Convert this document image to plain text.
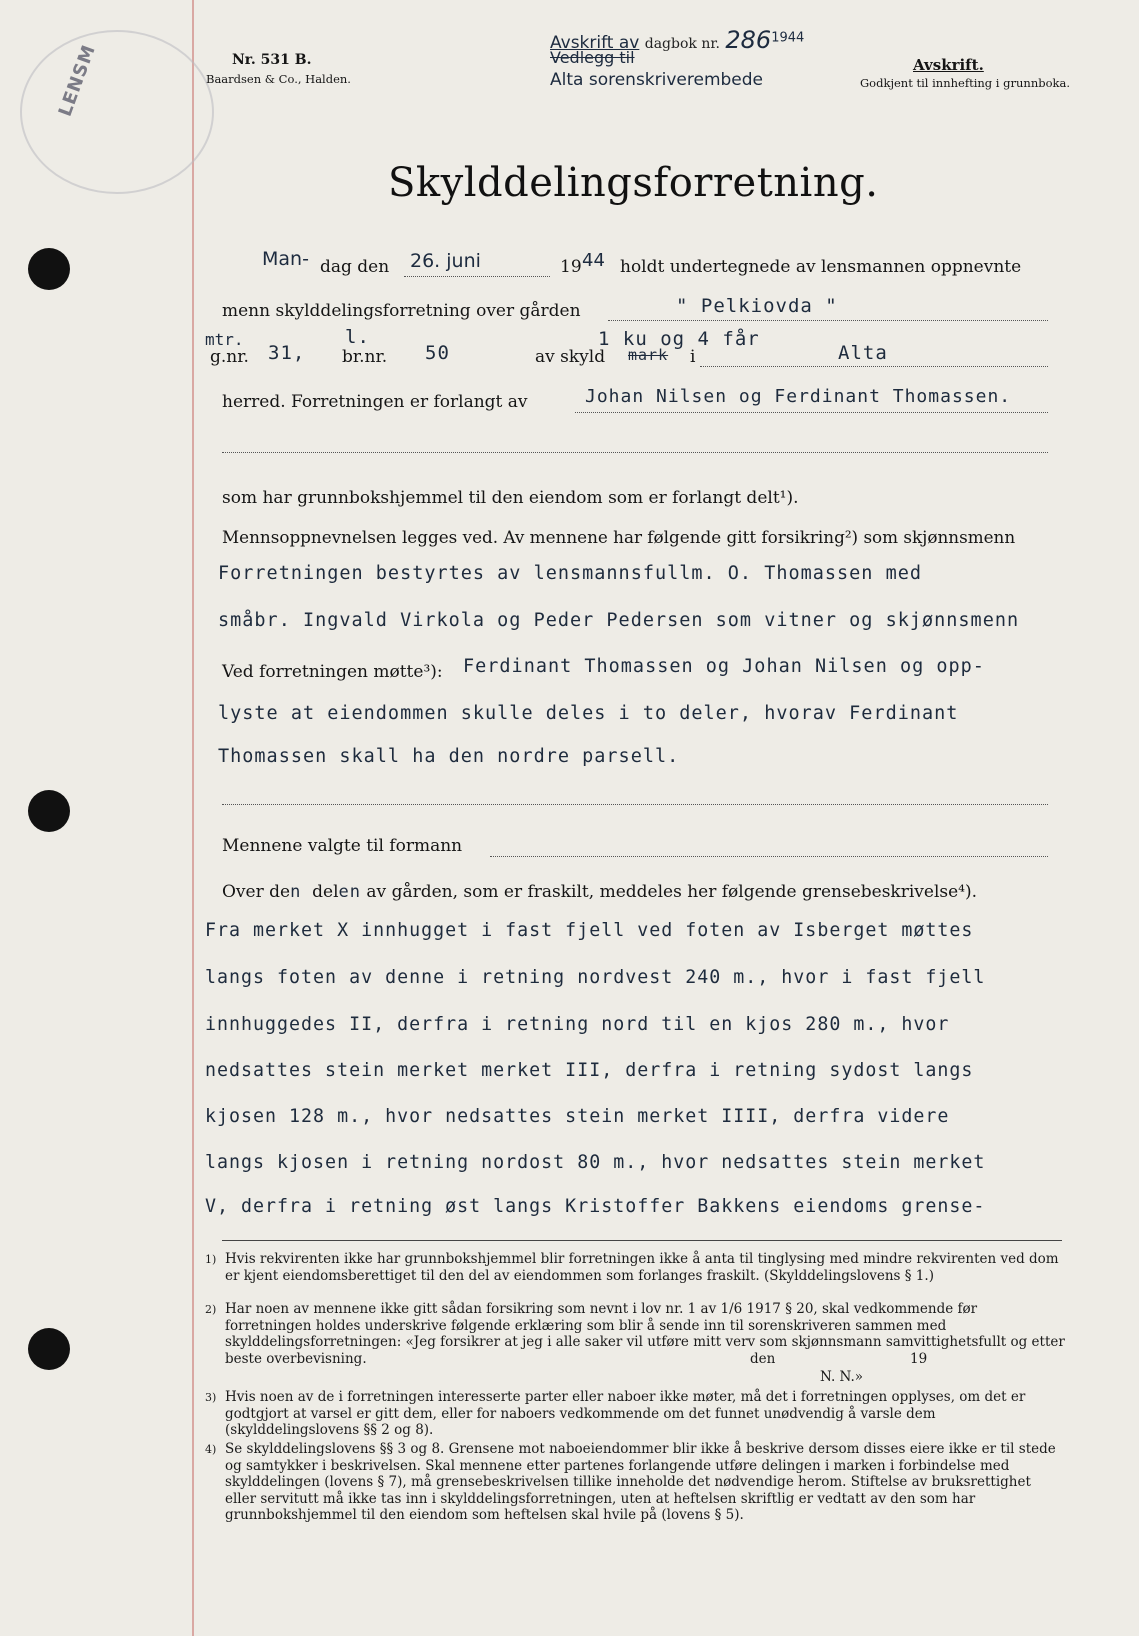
LENSM	Nr. 531 B.
Baardsen & Co., Halden.
Avskrift av dagbok nr. $286^{1944}$
Vedlegg til
Alta sorenskriverembede
Avskrift.
Godkjent til innhefting i grunnboka.
Skylddelingsforretning.
Man- dag den 26. juni	19 44 holdt undertegnede av lensmannen oppnevnte
menn skylddelingsforretning over gården	" Pelkiovda "
mtr.
g.nr. 31,
l.
br.nr. 50	av skyld
1 ku og 4 får
mark i	Alta
herred. Forretningen er forlangt av	Johan Nilsen og Ferdinant Thomassen.
som har grunnbokshjemmel til den eiendom som er forlangt delt¹).
Mennsoppnevnelsen legges ved. Av mennene har følgende gitt forsikring²) som skjønnsmenn
Forretningen bestyrtes av lensmannsfullm. O. Thomassen med
småbr. Ingvald Virkola og Peder Pedersen som vitner og skjønnsmenn
Ved forretningen møtte³): Ferdinant Thomassen og Johan Nilsen og opp-
lyste at eiendommen skulle deles i to deler, hvorav Ferdinant
Thomassen skall ha den nordre parsell.
Mennene valgte til formann
Over den delen av gården, som er fraskilt, meddeles her følgende grensebeskrivelse⁴).
Fra merket X innhugget i fast fjell ved foten av Isberget møttes
langs foten av denne i retning nordvest 240 m., hvor i fast fjell
innhuggedes II, derfra i retning nord til en kjos 280 m., hvor
nedsattes stein merket merket III, derfra i retning sydost langs
kjosen 128 m., hvor nedsattes stein merket IIII, derfra videre
langs kjosen i retning nordost 80 m., hvor nedsattes stein merket
V, derfra i retning øst langs Kristoffer Bakkens eiendoms grense-
1) Hvis rekvirenten ikke har grunnbokshjemmel blir forretningen ikke å anta til tinglysing med mindre rekvirenten ved dom er kjent eiendomsberettiget til den del av eiendommen som forlanges fraskilt. (Skylddelingslovens § 1.)
2) Har noen av mennene ikke gitt sådan forsikring som nevnt i lov nr. 1 av 1/6 1917 § 20, skal vedkommende før forretningen holdes underskrive følgende erklæring som blir å sende inn til sorenskriveren sammen med skylddelingsforretningen: «Jeg forsikrer at jeg i alle saker vil utføre mitt verv som skjønnsmann samvittighetsfullt og etter beste overbevisning.	den	19
N. N.»
3) Hvis noen av de i forretningen interesserte parter eller naboer ikke møter, må det i forretningen opplyses, om det er godtgjort at varsel er gitt dem, eller for naboers vedkommende om det funnet unødvendig å varsle dem (skylddelingslovens §§ 2 og 8).
4) Se skylddelingslovens §§ 3 og 8. Grensene mot naboeiendommer blir ikke å beskrive dersom disses eiere ikke er til stede og samtykker i beskrivelsen. Skal mennene etter partenes forlangende utføre delingen i marken i forbindelse med skylddelingen (lovens § 7), må grensebeskrivelsen tillike inneholde det nødvendige herom. Stiftelse av bruksrettighet eller servitutt må ikke tas inn i skylddelingsforretningen, uten at heftelsen skriftlig er vedtatt av den som har grunnbokshjemmel til den eiendom som heftelsen skal hvile på (lovens § 5).
